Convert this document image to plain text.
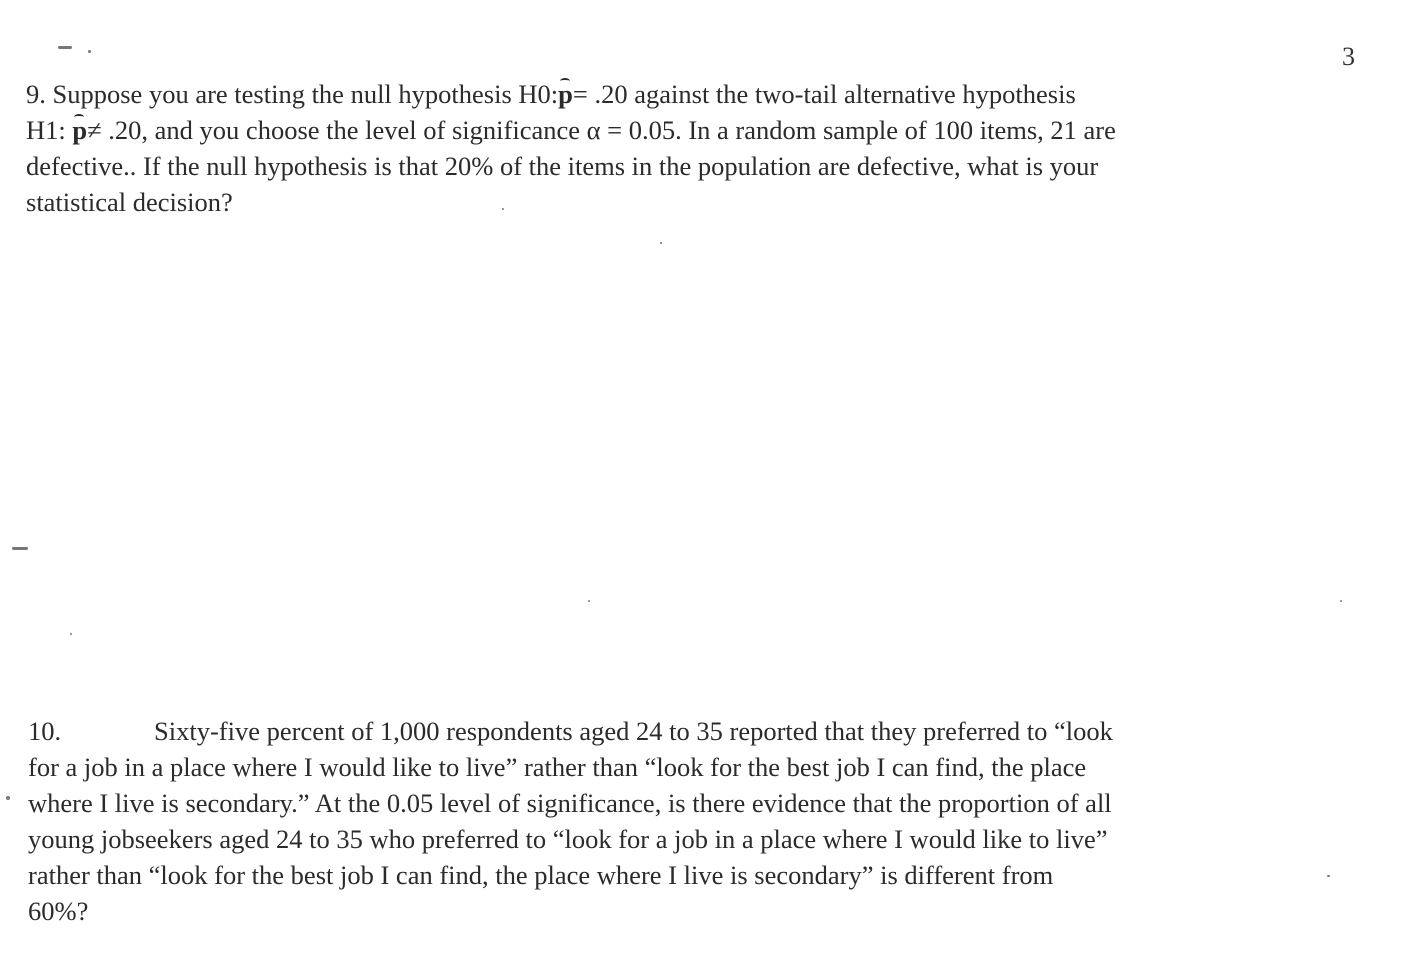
3
9. Suppose you are testing the null hypothesis H0:p= .20 against the two-tail alternative hypothesis
H1: p≠ .20, and you choose the level of significance α = 0.05. In a random sample of 100 items, 21 are
defective.. If the null hypothesis is that 20% of the items in the population are defective, what is your
statistical decision?
10.	Sixty-five percent of 1,000 respondents aged 24 to 35 reported that they preferred to “look
for a job in a place where I would like to live” rather than “look for the best job I can find, the place
where I live is secondary.” At the 0.05 level of significance, is there evidence that the proportion of all
young jobseekers aged 24 to 35 who preferred to “look for a job in a place where I would like to live”
rather than “look for the best job I can find, the place where I live is secondary” is different from
60%?
